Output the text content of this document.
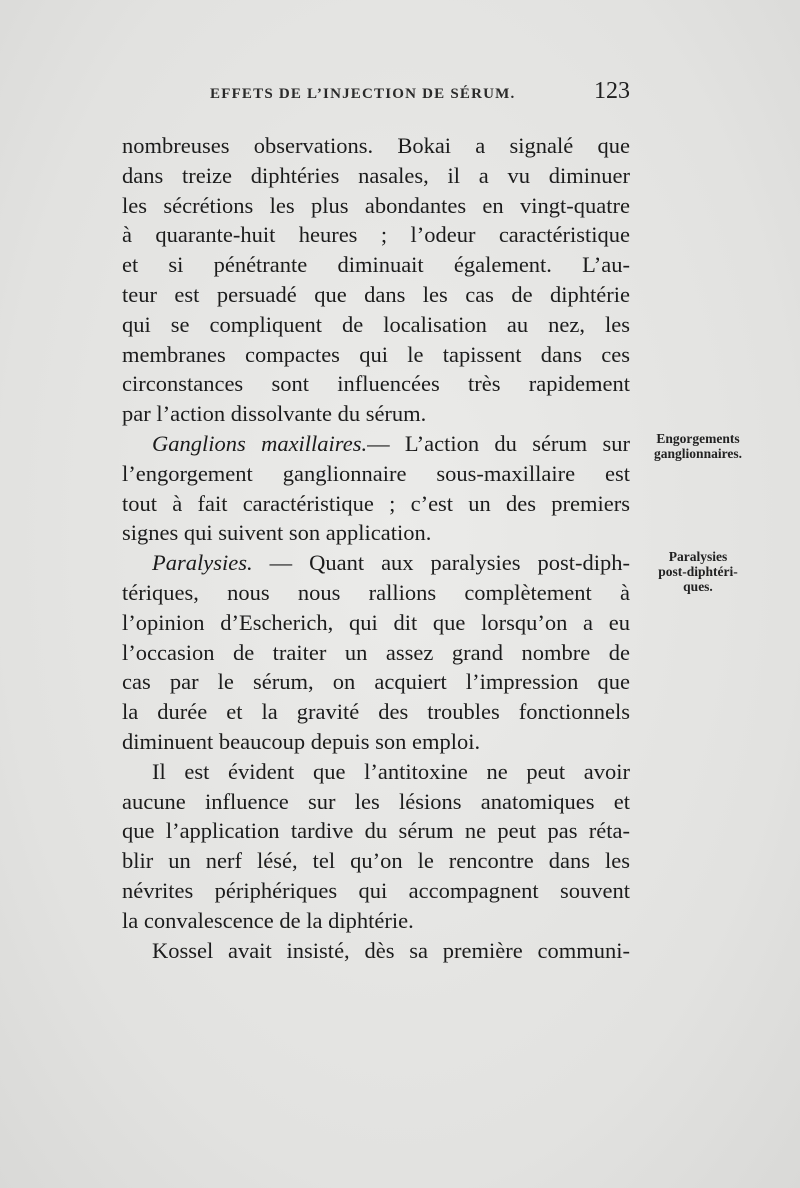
EFFETS DE L’INJECTION DE SÉRUM.	123
nombreuses observations. Bokai a signalé que
dans treize diphtéries nasales, il a vu diminuer
les sécrétions les plus abondantes en vingt-quatre
à quarante-huit heures ; l’odeur caractéristique
et si pénétrante diminuait également. L’au-
teur est persuadé que dans les cas de diphtérie
qui se compliquent de localisation au nez, les
membranes compactes qui le tapissent dans ces
circonstances sont influencées très rapidement
par l’action dissolvante du sérum.
Ganglions maxillaires.— L’action du sérum sur
l’engorgement ganglionnaire sous-maxillaire est
tout à fait caractéristique ; c’est un des premiers
signes qui suivent son application.
Paralysies. — Quant aux paralysies post-diph-
tériques, nous nous rallions complètement à
l’opinion d’Escherich, qui dit que lorsqu’on a eu
l’occasion de traiter un assez grand nombre de
cas par le sérum, on acquiert l’impression que
la durée et la gravité des troubles fonctionnels
diminuent beaucoup depuis son emploi.
Il est évident que l’antitoxine ne peut avoir
aucune influence sur les lésions anatomiques et
que l’application tardive du sérum ne peut pas réta-
blir un nerf lésé, tel qu’on le rencontre dans les
névrites périphériques qui accompagnent souvent
la convalescence de la diphtérie.
Kossel avait insisté, dès sa première communi-
Engorgements
ganglionnaires.
Paralysies
post-diphtéri-
ques.
